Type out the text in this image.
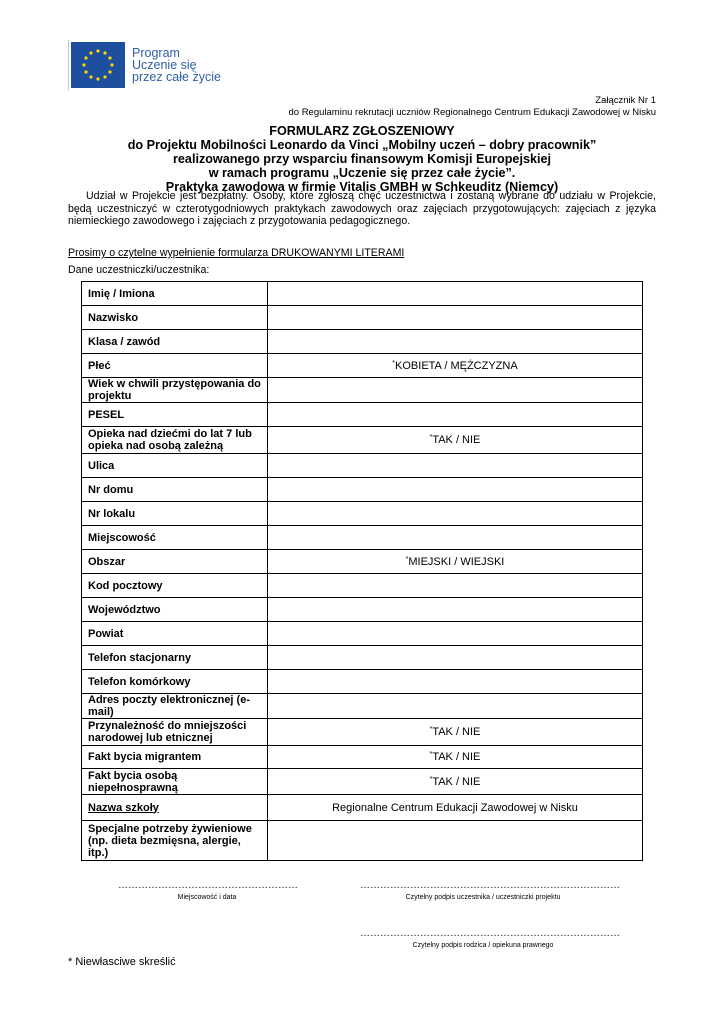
Program
Uczenie się
przez całe życie
Załącznik Nr 1
do Regulaminu rekrutacji uczniów Regionalnego Centrum Edukacji Zawodowej w Nisku
FORMULARZ ZGŁOSZENIOWY
do Projektu Mobilności Leonardo da Vinci „Mobilny uczeń – dobry pracownik”
realizowanego przy wsparciu finansowym Komisji Europejskiej
w ramach programu „Uczenie się przez całe życie”.
Praktyka zawodowa w firmie Vitalis GMBH w Schkeuditz (Niemcy)
Udział w Projekcie jest bezpłatny. Osoby, które zgłoszą chęć uczestnictwa i zostaną wybrane do udziału w Projekcie, będą uczestniczyć w czterotygodniowych praktykach zawodowych oraz zajęciach przygotowujących: zajęciach z języka niemieckiego zawodowego i zajęciach z przygotowania pedagogicznego.
Prosimy o czytelne wypełnienie formularza DRUKOWANYMI LITERAMI
Dane uczestniczki/uczestnika:
Imię / Imiona	
Nazwisko	
Klasa / zawód	
Płeć	*KOBIETA / MĘŻCZYZNA
Wiek w chwili przystępowania do projektu	
PESEL	
Opieka nad dziećmi do lat 7 lub opieka nad osobą zależną	*TAK / NIE
Ulica	
Nr domu	
Nr lokalu	
Miejscowość	
Obszar	*MIEJSKI / WIEJSKI
Kod pocztowy	
Województwo	
Powiat	
Telefon stacjonarny	
Telefon komórkowy	
Adres poczty elektronicznej (e-mail)	
Przynależność do mniejszości narodowej lub etnicznej	*TAK / NIE
Fakt bycia migrantem	*TAK / NIE
Fakt bycia osobą niepełnosprawną	*TAK / NIE
Nazwa szkoły	Regionalne Centrum Edukacji Zawodowej w Nisku
Specjalne potrzeby żywieniowe (np. dieta bezmięsna, alergie, itp.)	
………………………………………………
Miejscowość i data
……………………………………………………………………
Czytelny podpis uczestnika / uczestniczki projektu
……………………………………………………………………
Czytelny podpis rodzica / opiekuna prawnego
* Niewłasciwe skreślić
